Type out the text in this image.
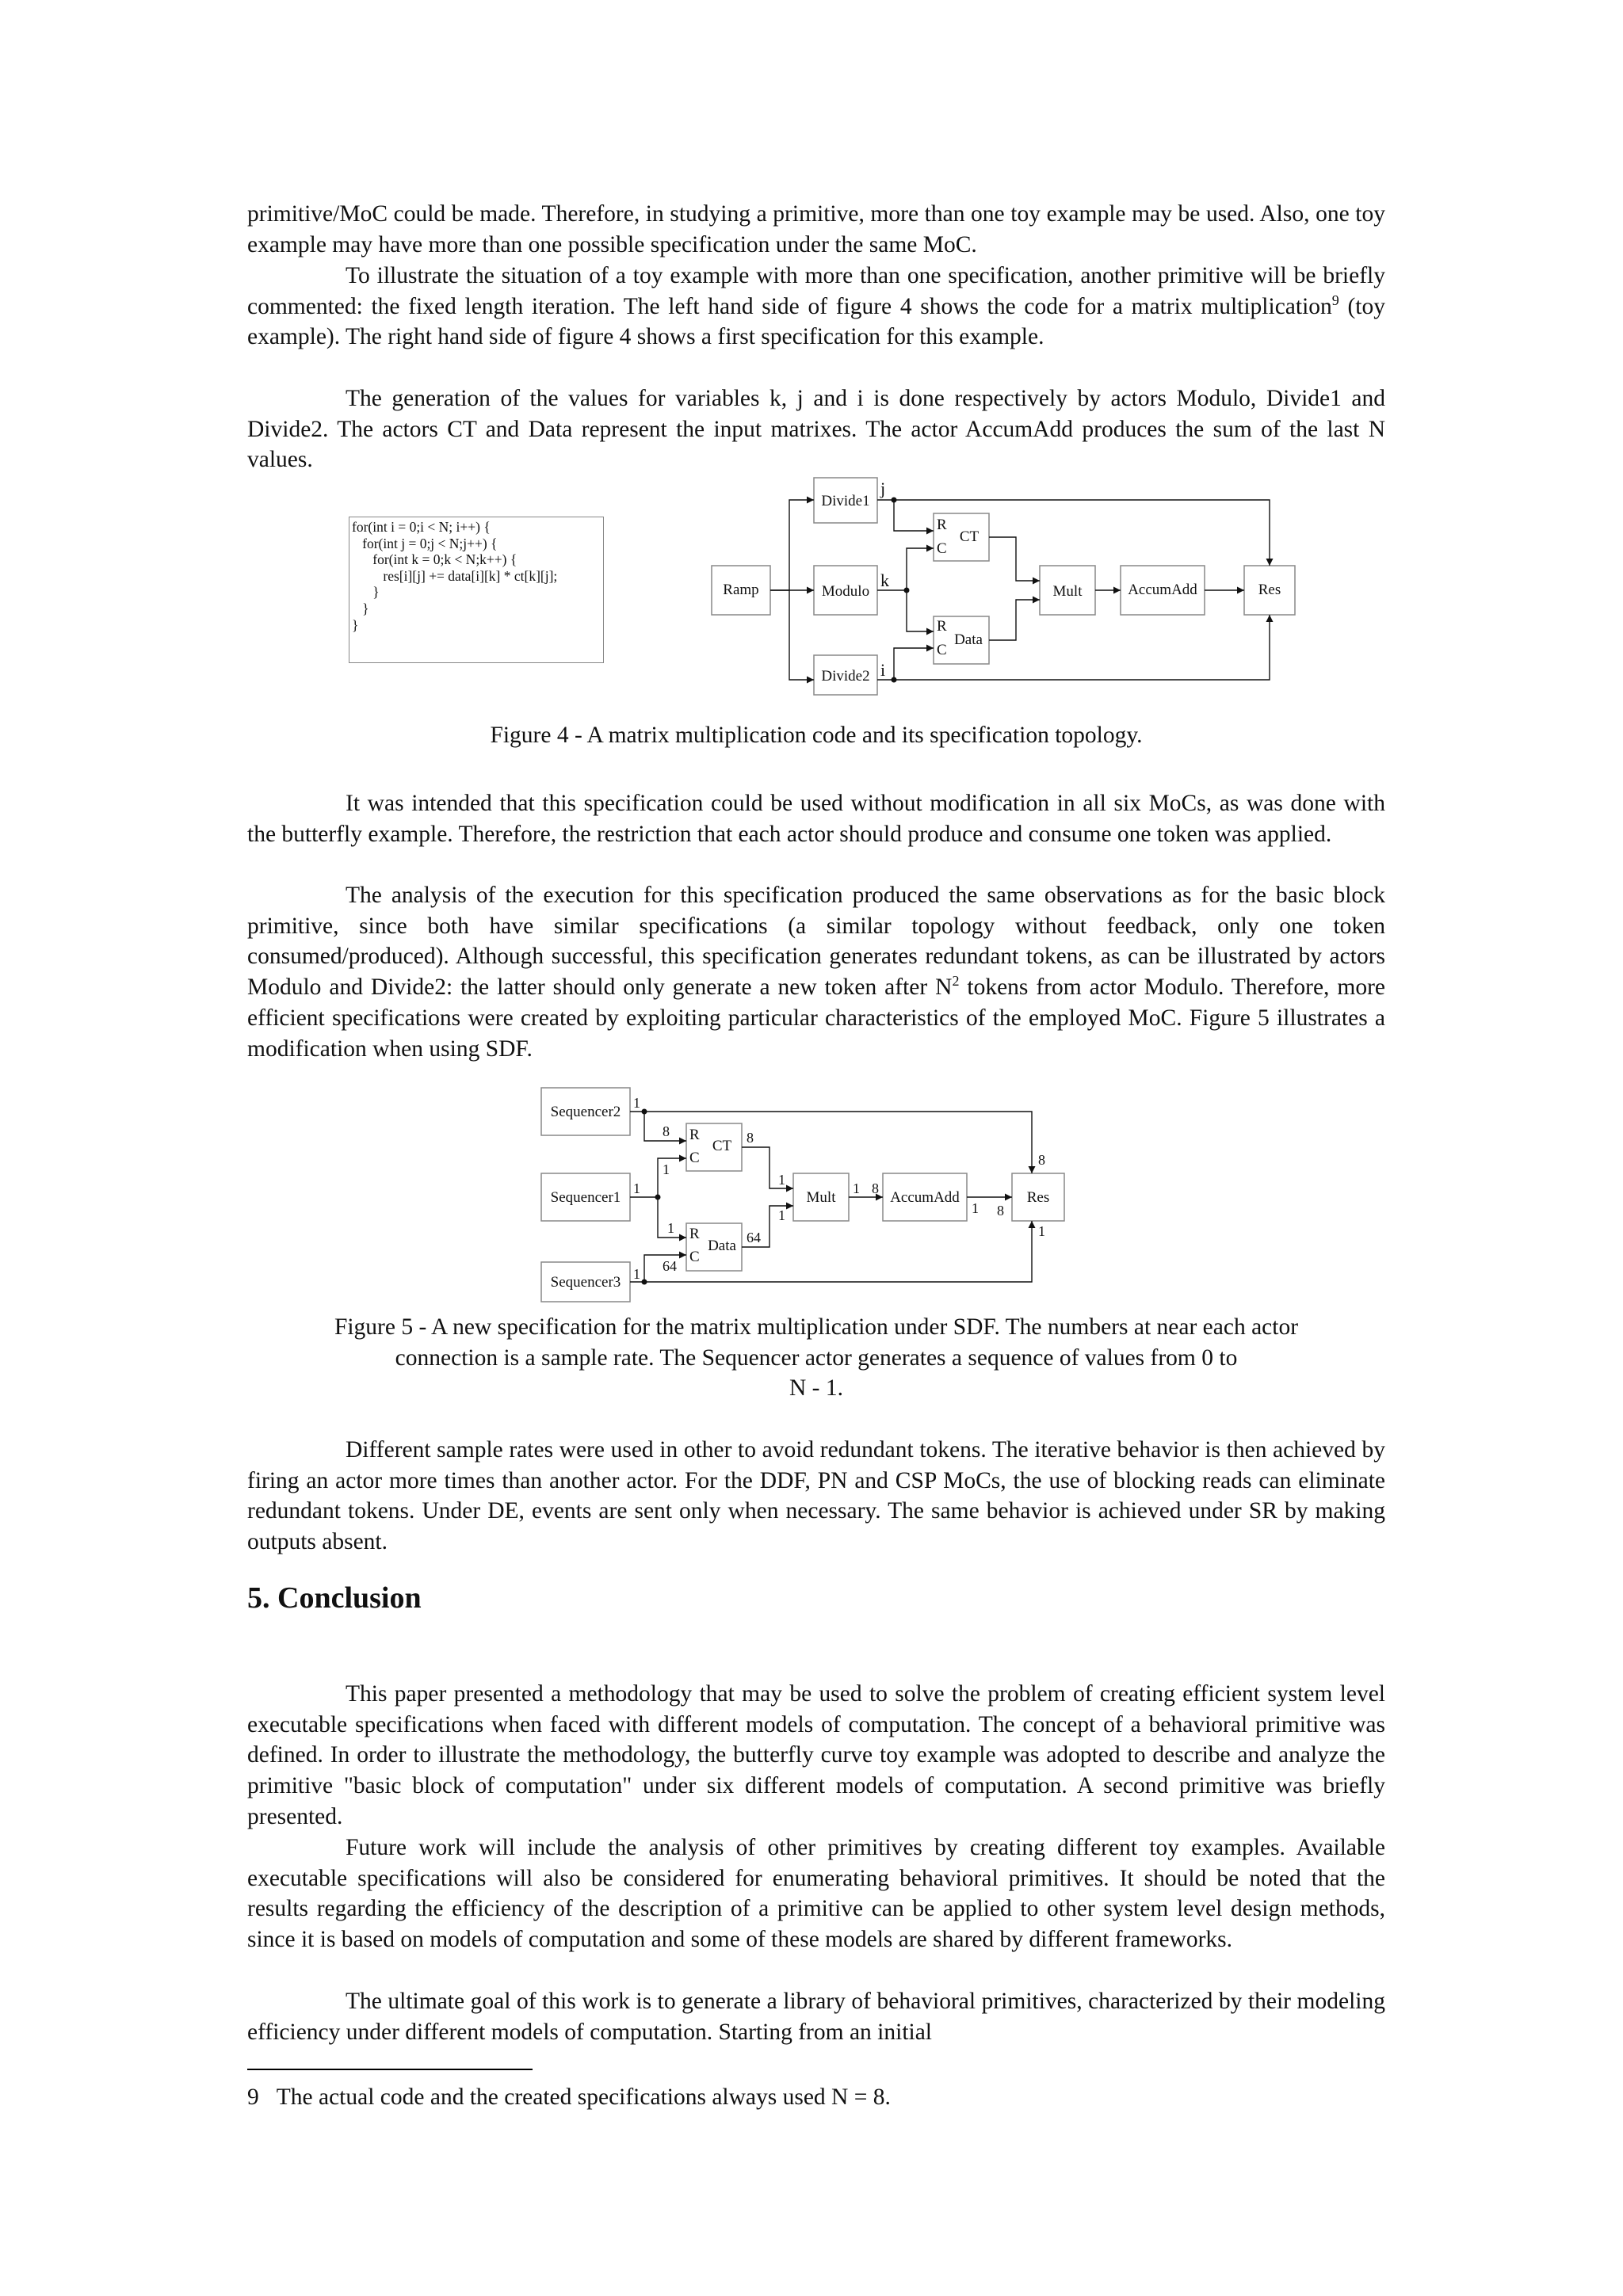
primitive/MoC could be made. Therefore, in studying a primitive, more than one toy example may be used. Also, one toy example may have more than one possible specification under the same MoC.

To illustrate the situation of a toy example with more than one specification, another primitive will be briefly commented: the fixed length iteration. The left hand side of figure 4 shows the code for a matrix multiplication$^9$ (toy example). The right hand side of figure 4 shows a first specification for this example.

The generation of the values for variables k, j and i is done respectively by actors Modulo, Divide1 and Divide2. The actors CT and Data represent the input matrixes. The actor AccumAdd produces the sum of the last N values.

for(int i = 0;i < N; i++) {
for(int j = 0;j < N;j++) {
for(int k = 0;k < N;k++) {
res[i][j] += data[i][k] * ct[k][j];
}
}
}
Ramp
Divide1
Modulo
Divide2
CT
Data
Mult	AccumAdd	Res
R
C
R
C
j
k
i

Figure 4 - A matrix multiplication code and its specification topology.

It was intended that this specification could be used without modification in all six MoCs, as was done with the butterfly example. Therefore, the restriction that each actor should produce and consume one token was applied.

The analysis of the execution for this specification produced the same observations as for the basic block primitive, since both have similar specifications (a similar topology without feedback, only one token consumed/produced). Although successful, this specification generates redundant tokens, as can be illustrated by actors Modulo and Divide2: the latter should only generate a new token after $N^2$ tokens from actor Modulo. Therefore, more efficient specifications were created by exploiting particular characteristics of the employed MoC. Figure 5 illustrates a modification when using SDF.

Sequencer2
Sequencer1
Sequencer3
CT
Data
Mult	AccumAdd	Res
R
C
R
C
1
1
1
8
1
8
1
64
64
1
1
1 8
1
8
8
1
Figure 5 - A new specification for the matrix multiplication under SDF. The numbers at near each actor
connection is a sample rate. The Sequencer actor generates a sequence of values from 0 to
N - 1.

Different sample rates were used in other to avoid redundant tokens. The iterative behavior is then achieved by firing an actor more times than another actor. For the DDF, PN and CSP MoCs, the use of blocking reads can eliminate redundant tokens. Under DE, events are sent only when necessary. The same behavior is achieved under SR by making outputs absent.

5. Conclusion

This paper presented a methodology that may be used to solve the problem of creating efficient system level executable specifications when faced with different models of computation. The concept of a behavioral primitive was defined. In order to illustrate the methodology, the butterfly curve toy example was adopted to describe and analyze the primitive "basic block of computation" under six different models of computation. A second primitive was briefly presented.

Future work will include the analysis of other primitives by creating different toy examples. Available executable specifications will also be considered for enumerating behavioral primitives. It should be noted that the results regarding the efficiency of the description of a primitive can be applied to other system level design methods, since it is based on models of computation and some of these models are shared by different frameworks.

The ultimate goal of this work is to generate a library of behavioral primitives, characterized by their modeling efficiency under different models of computation. Starting from an initial

9 The actual code and the created specifications always used N = 8.
